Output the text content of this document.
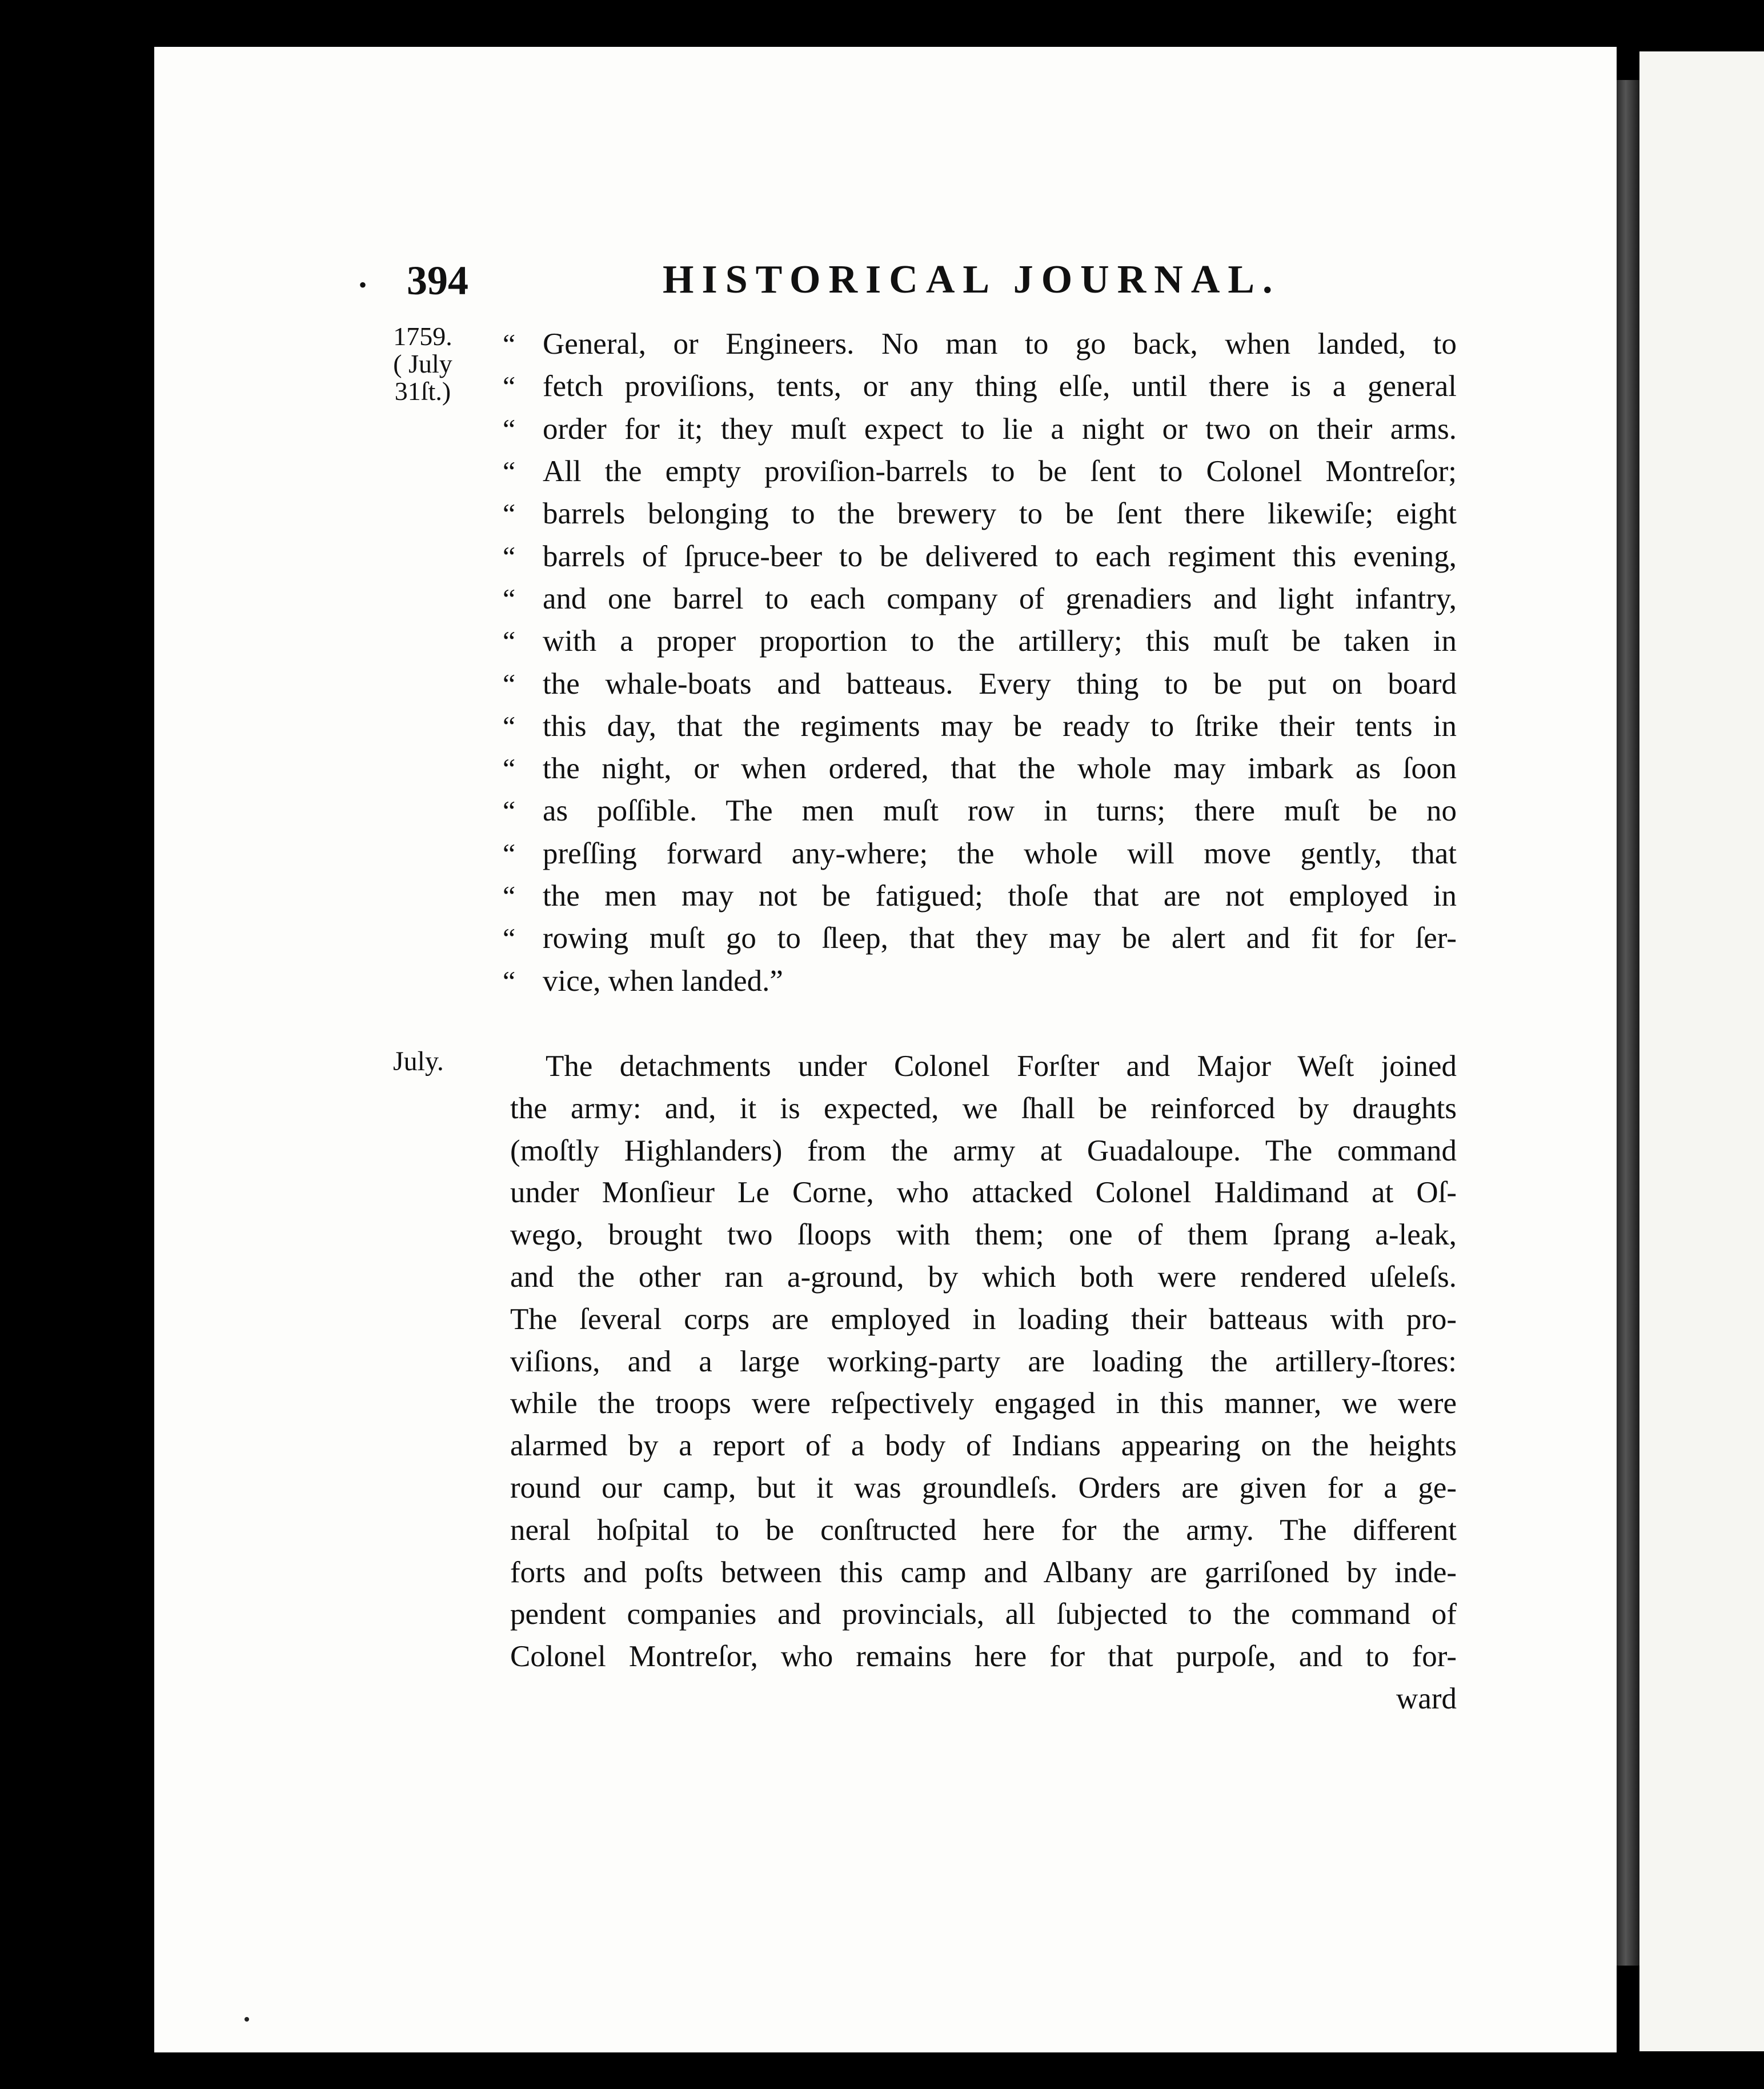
• 394	HISTORICAL JOURNAL.
1759.
( July
31ſt.)
“ General, or Engineers. No man to go back, when landed, to
“ fetch proviſions, tents, or any thing elſe, until there is a general
“ order for it; they muſt expect to lie a night or two on their arms.
“ All the empty proviſion-barrels to be ſent to Colonel Montreſor;
“ barrels belonging to the brewery to be ſent there likewiſe; eight
“ barrels of ſpruce-beer to be delivered to each regiment this evening,
“ and one barrel to each company of grenadiers and light infantry,
“ with a proper proportion to the artillery; this muſt be taken in
“ the whale-boats and batteaus. Every thing to be put on board
“ this day, that the regiments may be ready to ſtrike their tents in
“ the night, or when ordered, that the whole may imbark as ſoon
“ as poſſible. The men muſt row in turns; there muſt be no
“ preſſing forward any-where; the whole will move gently, that
“ the men may not be fatigued; thoſe that are not employed in
“ rowing muſt go to ſleep, that they may be alert and fit for ſer-
“ vice, when landed.”
July.	The detachments under Colonel Forſter and Major Weſt joined
the army: and, it is expected, we ſhall be reinforced by draughts
(moſtly Highlanders) from the army at Guadaloupe. The command
under Monſieur Le Corne, who attacked Colonel Haldimand at Oſ-
wego, brought two ſloops with them; one of them ſprang a-leak,
and the other ran a-ground, by which both were rendered uſeleſs.
The ſeveral corps are employed in loading their batteaus with pro-
viſions, and a large working-party are loading the artillery-ſtores:
while the troops were reſpectively engaged in this manner, we were
alarmed by a report of a body of Indians appearing on the heights
round our camp, but it was groundleſs. Orders are given for a ge-
neral hoſpital to be conſtructed here for the army. The different
forts and poſts between this camp and Albany are garriſoned by inde-
pendent companies and provincials, all ſubjected to the command of
Colonel Montreſor, who remains here for that purpoſe, and to for-
ward
